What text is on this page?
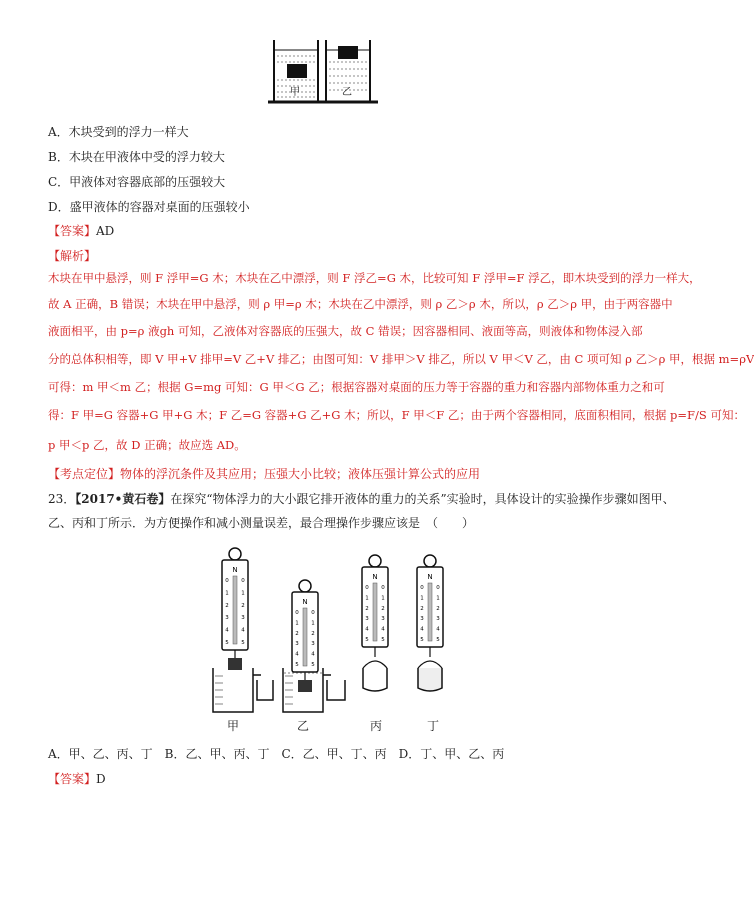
甲	乙
A．木块受到的浮力一样大
B．木块在甲液体中受的浮力较大
C．甲液体对容器底部的压强较大
D．盛甲液体的容器对桌面的压强较小
【答案】AD
【解析】
木块在甲中悬浮，则 F 浮甲=G 木；木块在乙中漂浮，则 F 浮乙=G 木，比较可知 F 浮甲=F 浮乙，即木块受到的浮力一样大，
故 A 正确，B 错误；木块在甲中悬浮，则 ρ 甲=ρ 木；木块在乙中漂浮，则 ρ 乙＞ρ 木，所以，ρ 乙＞ρ 甲，由于两容器中
液面相平，由 p=ρ 液gh 可知，乙液体对容器底的压强大，故 C 错误；因容器相同、液面等高，则液体和物体浸入部
分的总体积相等，即 V 甲+V 排甲=V 乙+V 排乙；由图可知：V 排甲＞V 排乙，所以 V 甲＜V 乙，由 C 项可知 ρ 乙＞ρ 甲，根据 m=ρV
可得：m 甲＜m 乙；根据 G=mg 可知：G 甲＜G 乙；根据容器对桌面的压力等于容器的重力和容器内部物体重力之和可
得：F 甲=G 容器+G 甲+G 木；F 乙=G 容器+G 乙+G 木；所以，F 甲＜F 乙；由于两个容器相同，底面积相同，根据 p=F/S 可知：
p 甲＜p 乙，故 D 正确；故应选 AD。
【考点定位】物体的浮沉条件及其应用；压强大小比较；液体压强计算公式的应用
23．【2017•黄石卷】在探究“物体浮力的大小跟它排开液体的重力的关系”实验时，具体设计的实验操作步骤如图甲、
乙、丙和丁所示．为方便操作和减小测量误差，最合理操作步骤应该是　（　　）
N
0 0
1 1
2 2
3 3
4 4
5 5
N
0 0
1 1
2 2
3 3
4 4
5 5
N
0 0
1 1
2 2
3 3
4 4
5 5
N
0 0
1 1
2 2
3 3
4 4
5 5
甲	乙	丙	丁
A．甲、乙、丙、丁　B．乙、甲、丙、丁　C．乙、甲、丁、丙　D．丁、甲、乙、丙
【答案】D
